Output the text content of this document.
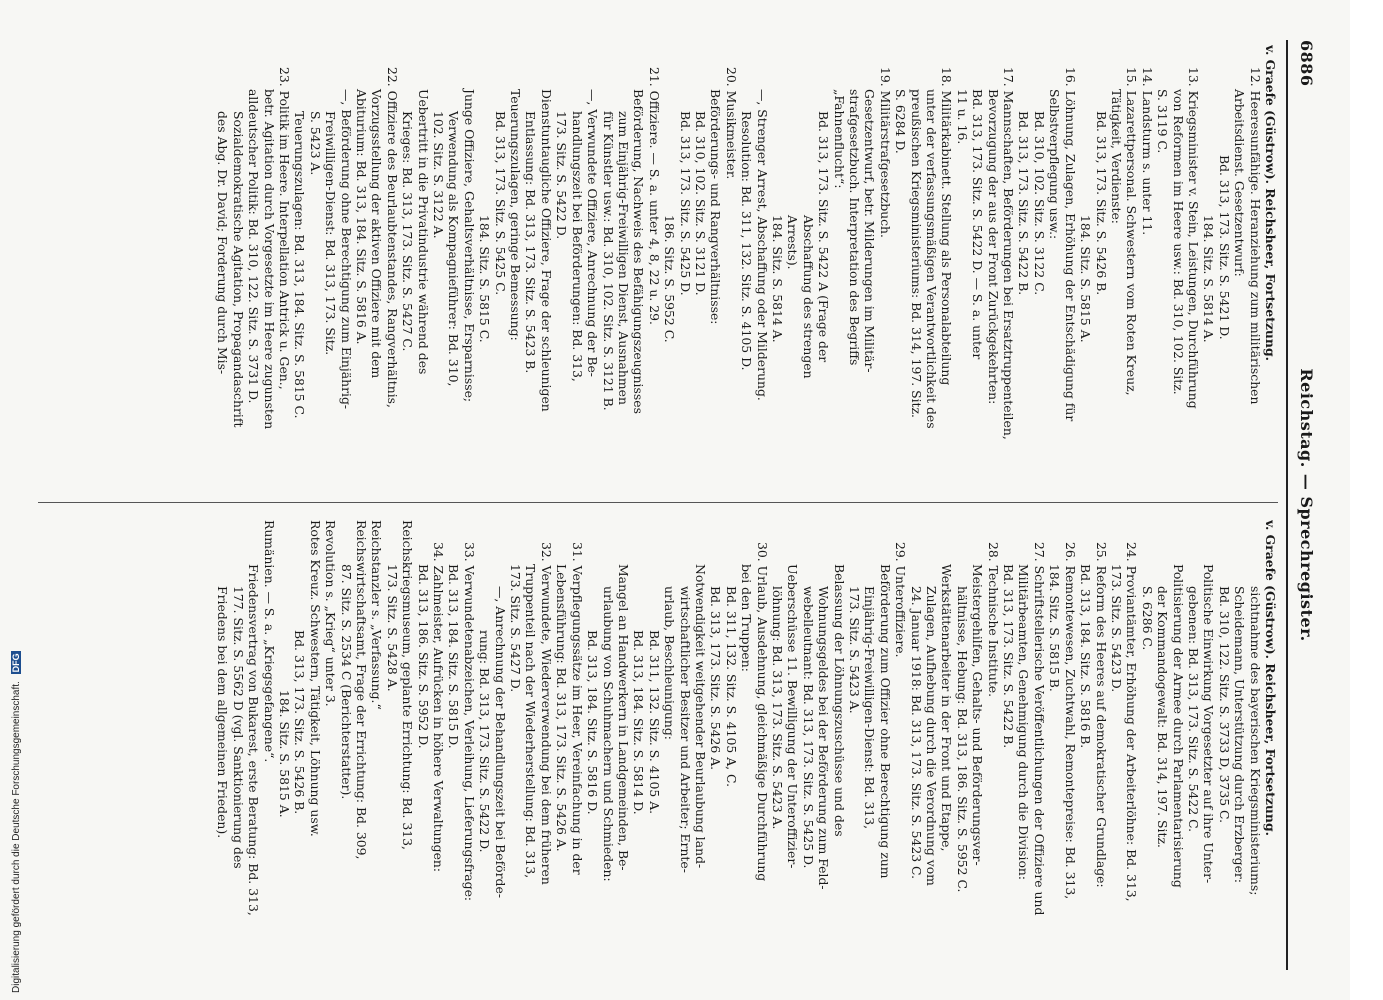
6886
Reichstag. — Sprechregister.
v. Graefe (Güstrow). Reichsheer, Fortsetzung.
12. Heeresunfähige. Heranziehung zum militärischen
Arbeitsdienst. Gesetzentwurf:
Bd. 313, 173. Sitz. S. 5421 D.
184. Sitz. S. 5814 A.
13. Kriegsminister v. Stein, Leistungen, Durchführung
von Reformen im Heere usw.: Bd. 310, 102. Sitz.
S. 3119 C.
14. Landsturm s. unter 11.
15. Lazarettpersonal. Schwestern vom Roten Kreuz,
Tätigkeit, Verdienste:
Bd. 313, 173. Sitz. S. 5426 B.
184. Sitz. S. 5815 A.
16. Löhnung, Zulagen, Erhöhung der Entschädigung für
Selbstverpflegung usw.:
Bd. 310, 102. Sitz. S. 3122 C.
Bd. 313, 173. Sitz. S. 5422 B.
17. Mannschaften, Beförderungen bei Ersatztruppenteilen,
Bevorzugung der aus der Front Zurückgekehrten:
Bd. 313, 173. Sitz. S. 5422 D. — S. a. unter
11 u. 16.
18. Militärkabinett. Stellung als Personalabteilung
unter der verfassungsmäßigen Verantwortlichkeit des
preußischen Kriegsministeriums: Bd. 314, 197. Sitz.
S. 6284 D.
19. Militärstrafgesetzbuch.
Gesetzentwurf, betr. Milderungen im Militär-
strafgesetzbuch. Interpretation des Begriffs
„Fahnenflucht“:
Bd. 313, 173. Sitz. S. 5422 A (Frage der
Abschaffung des strengen
Arrests).
184. Sitz. S. 5814 A.
—, Strenger Arrest, Abschaffung oder Milderung.
Resolution: Bd. 311, 132. Sitz. S. 4105 D.
20. Musikmeister.
Beförderungs- und Rangverhältnisse:
Bd. 310, 102. Sitz. S. 3121 D.
Bd. 313, 173. Sitz. S. 5425 D.
186. Sitz. S. 5952 C.
21. Offiziere. — S. a. unter 4, 8, 22 u. 29.
Beförderung, Nachweis des Befähigungszeugnisses
zum Einjährig-Freiwilligen Dienst, Ausnahmen
für Künstler usw.: Bd. 310, 102. Sitz. S. 3121 B.
—, Verwundete Offiziere, Anrechnung der Be-
handlungszeit bei Beförderungen: Bd. 313,
173. Sitz. S. 5422 D.
Dienstuntaugliche Offiziere, Frage der schleunigen
Entlassung: Bd. 313, 173. Sitz. S. 5423 B.
Teuerungszulagen, geringe Bemessung:
Bd. 313, 173. Sitz. S. 5425 C.
184. Sitz. S. 5815 C.
Junge Offiziere, Gehaltsverhältnisse, Ersparnisse;
Verwendung als Kompagnieführer: Bd. 310,
102. Sitz. S. 3122 A.
Uebertritt in die Privatindustrie während des
Krieges: Bd. 313, 173. Sitz. S. 5427 C.
22. Offiziere des Beurlaubtenstandes, Rangverhältnis,
Vorzugsstellung der aktiven Offiziere mit dem
Abiturium: Bd. 313, 184. Sitz. S. 5816 A.
—, Beförderung ohne Berechtigung zum Einjährig-
Freiwilligen-Dienst: Bd. 313, 173. Sitz.
S. 5423 A.
Teuerungszulagen: Bd. 313, 184. Sitz. S. 5815 C.
23. Politik im Heere. Interpellation Antrick u. Gen.,
betr. Agitation durch Vorgesetzte im Heere zugunsten
alldeutscher Politik: Bd. 310, 122. Sitz. S. 3731 D.
Sozialdemokratische Agitation, Propagandaschrift
des Abg. Dr. David; Forderung durch Mis-
v. Graefe (Güstrow). Reichsheer, Fortsetzung.
sichtnahme des bayerischen Kriegsministeriums;
Scheidemann, Unterstützung durch Erzberger:
Bd. 310, 122. Sitz. S. 3733 D, 3735 C.
Politische Einwirkung Vorgesetzter auf ihre Unter-
gebenen: Bd. 313, 173. Sitz. S. 5422 C.
Politisierung der Armee durch Parlamentarisierung
der Kommandogewalt: Bd. 314, 197. Sitz.
S. 6286 C.
24. Proviantämter, Erhöhung der Arbeiterlöhne: Bd. 313,
173. Sitz. S. 5423 D.
25. Reform des Heeres auf demokratischer Grundlage:
Bd. 313, 184. Sitz. S. 5816 B.
26. Remontewesen, Zuchtwahl, Remontepreise: Bd. 313,
184. Sitz. S. 5815 B.
27. Schriftstellerische Veröffentlichungen der Offiziere und
Militärbeamten, Genehmigung durch die Division:
Bd. 313, 173. Sitz. S. 5422 B.
28. Technische Institute.
Meistergehilfen, Gehalts- und Beförderungsver-
hältnisse, Hebung: Bd. 313, 186. Sitz. S. 5952 C.
Werkstättenarbeiter in der Front und Etappe,
Zulagen, Aufhebung durch die Verordnung vom
24. Januar 1918: Bd. 313, 173. Sitz. S. 5423 C.
29. Unteroffiziere.
Beförderung zum Offizier ohne Berechtigung zum
Einjährig-Freiwilligen-Dienst: Bd. 313,
173. Sitz. S. 5423 A.
Belassung der Löhnungszuschüsse und des
Wohnungsgeldes bei der Beförderung zum Feld-
webelleutnant: Bd. 313, 173. Sitz. S. 5425 D.
Ueberschüsse 11. Bewilligung der Unteroffizier-
löhnung: Bd. 313, 173. Sitz. S. 5423 A.
30. Urlaub, Ausdehnung, gleichmäßige Durchführung
bei den Truppen:
Bd. 311, 132. Sitz. S. 4105 A, C.
Bd. 313, 173. Sitz. S. 5426 A.
Notwendigkeit weitgehender Beurlaubung land-
wirtschaftlicher Besitzer und Arbeiter; Ernte-
urlaub, Beschleunigung:
Bd. 311, 132. Sitz. S. 4105 A.
Bd. 313, 184. Sitz. S. 5814 D.
Mangel an Handwerkern in Landgemeinden, Be-
urlaubung von Schuhmachern und Schmieden:
Bd. 313, 184. Sitz. S. 5816 D.
31. Verpflegungssätze im Heer, Vereinfachung in der
Lebensführung: Bd. 313, 173. Sitz. S. 5426 A.
32. Verwundete, Wiederverwendung bei dem früheren
Truppenteil nach der Wiederherstellung: Bd. 313,
173. Sitz. S. 5427 D.
—, Anrechnung der Behandlungszeit bei Beförde-
rung: Bd. 313, 173. Sitz. S. 5422 D.
33. Verwundetenabzeichen, Verleihung, Lieferungsfrage:
Bd. 313, 184. Sitz. S. 5815 D.
34. Zahlmeister, Aufrücken in höhere Verwaltungen:
Bd. 313, 186. Sitz. S. 5952 D.
Reichskriegsmuseum, geplante Errichtung: Bd. 313,
173. Sitz. S. 5428 A.
Reichstanzler s. „Verfassung.“
Reichswirtschaftsamt, Frage der Errichtung: Bd. 309,
87. Sitz. S. 2534 C (Berichterstatter).
Revolution s. „Krieg“ unter 3.
Rotes Kreuz. Schwestern, Tätigkeit, Löhnung usw.
Bd. 313, 173. Sitz. S. 5426 B.
184. Sitz. S. 5815 A.
Rumänien. — S. a. „Kriegsgefangene“.
Friedensvertrag von Bukarest, erste Beratung: Bd. 313,
177. Sitz. S. 5562 D (vgl. Sanktionierung des
Friedens bei dem allgemeinen Frieden).
Digitalisierung gefördert durch die Deutsche Forschungsgemeinschaft. DFG
